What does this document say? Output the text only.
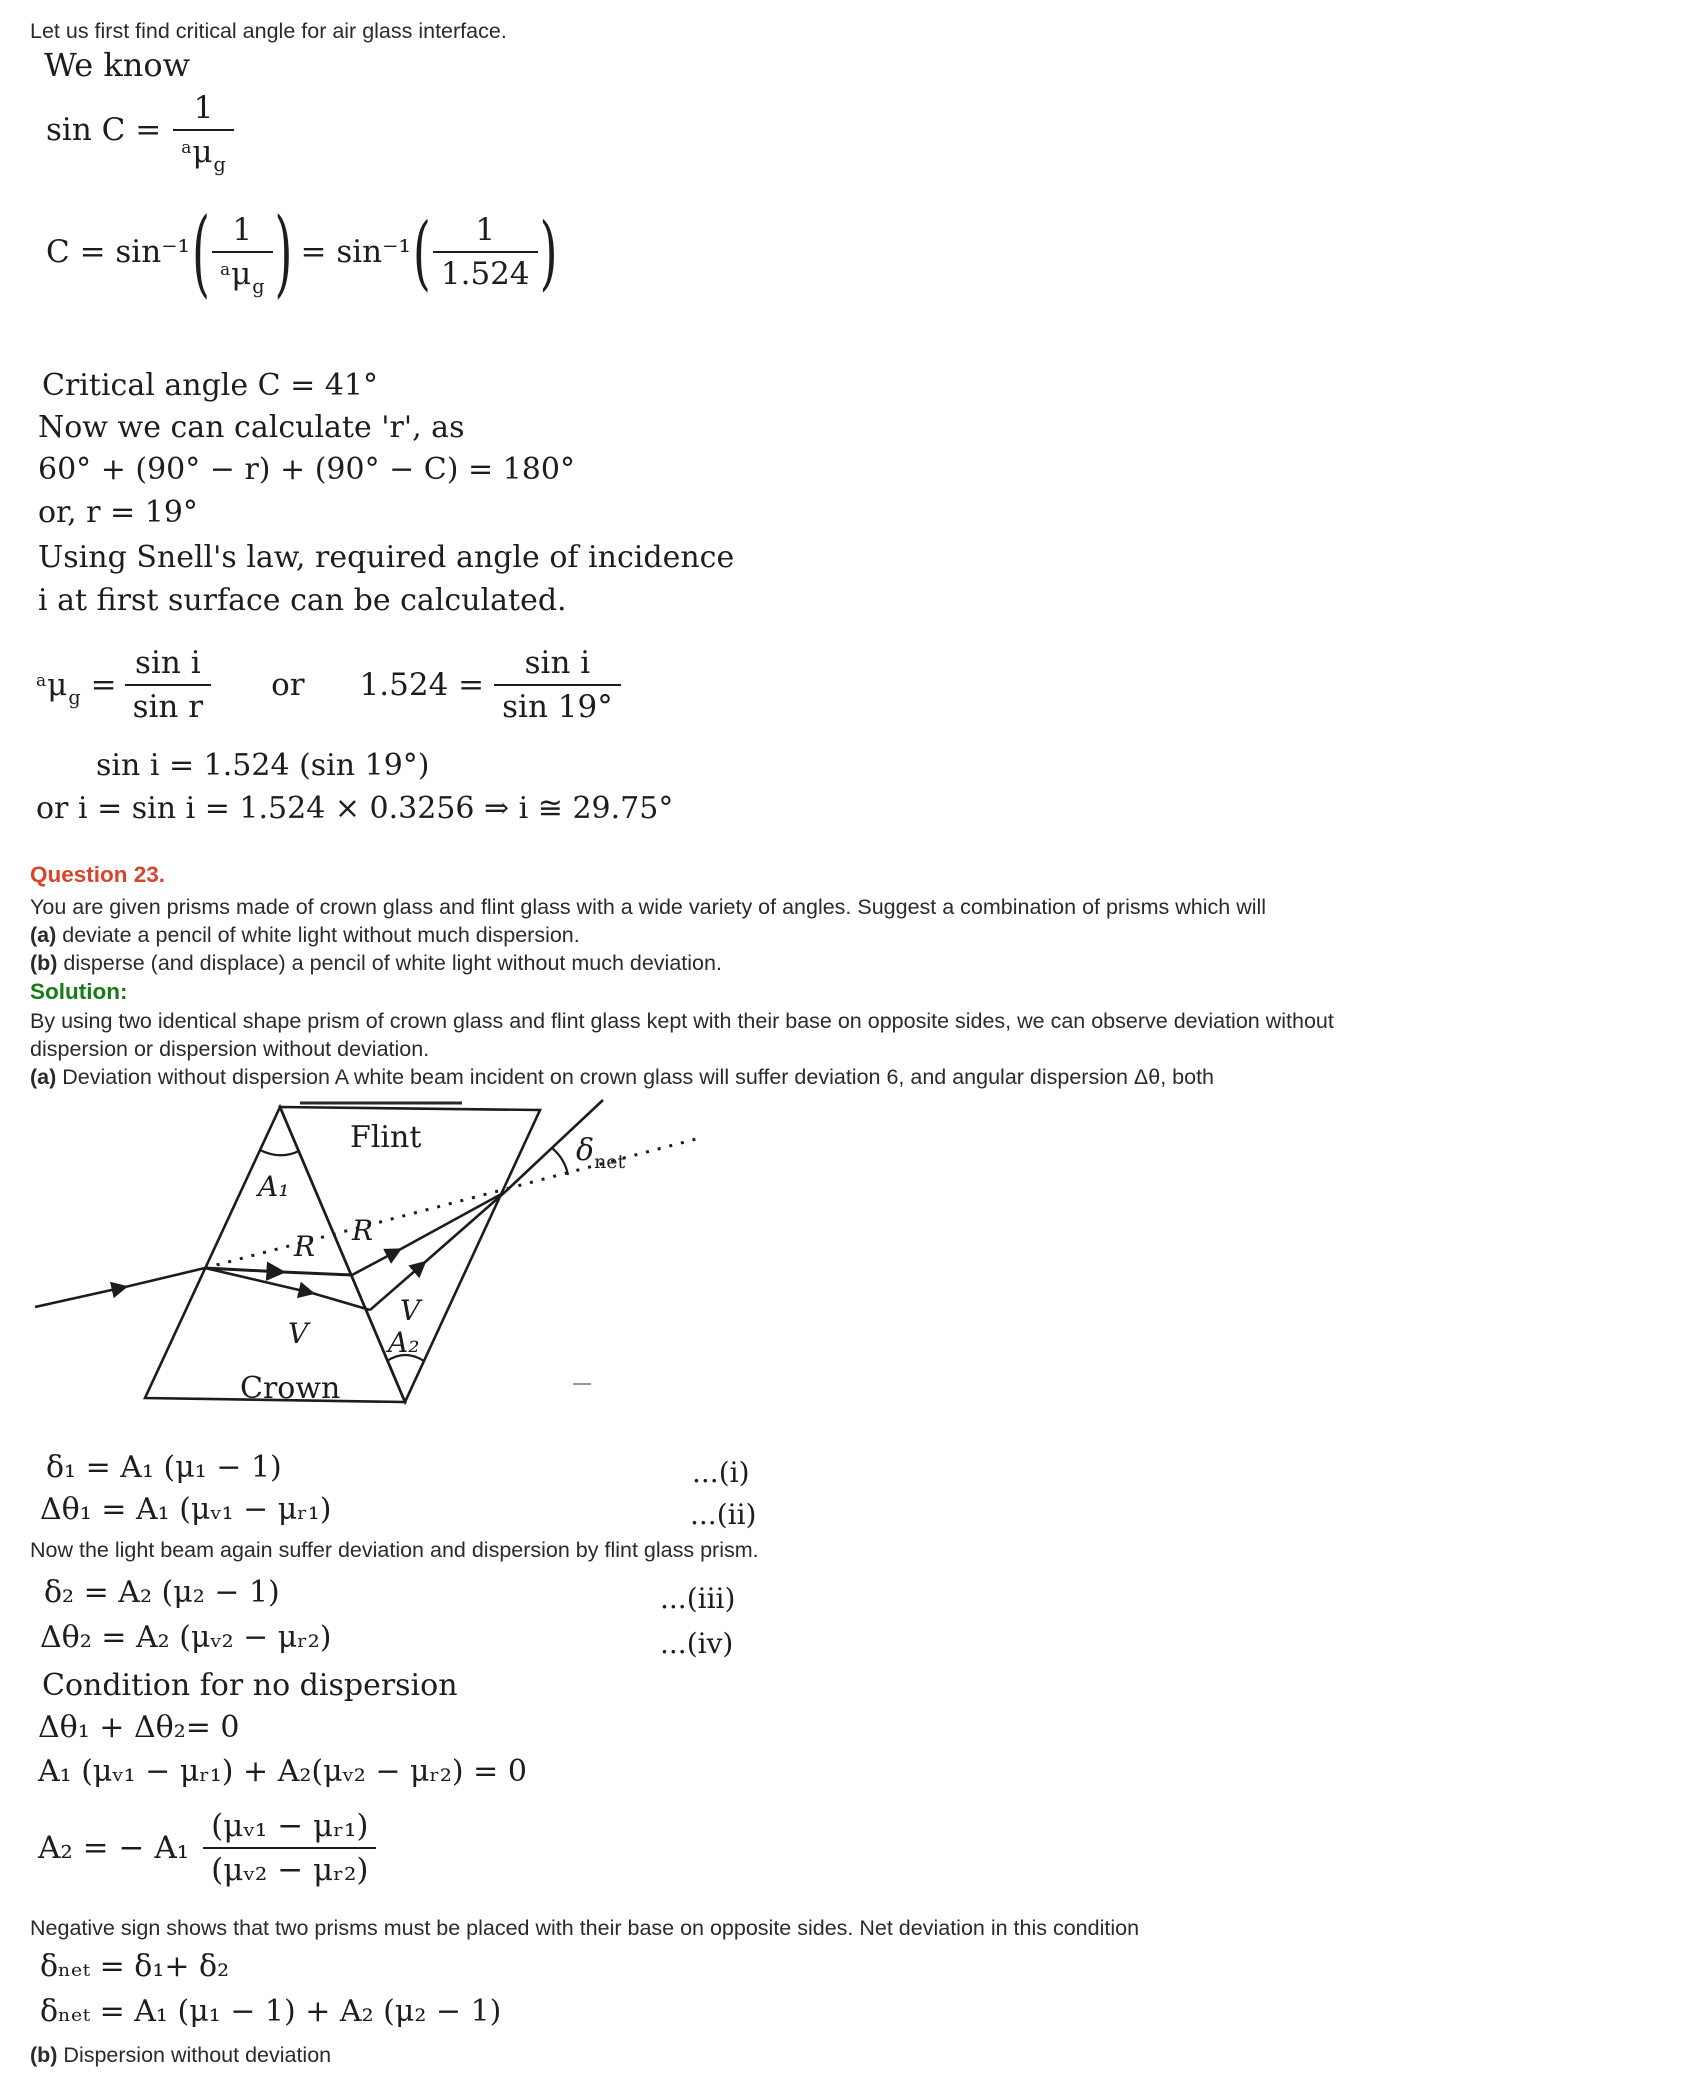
Let us first find critical angle for air glass interface.
We know
$\sin C = \frac{1}{^a\mu_g}$
C = sin⁻¹ ( $\frac{1}{^a\mu_g}$ ) = sin⁻¹ ( $\frac{1}{1.524}$ )
Critical angle C = 41°
Now we can calculate 'r', as
60° + (90° − r) + (90° − C) = 180°
or, r = 19°
Using Snell's law, required angle of incidence
i at first surface can be calculated.
$^a\mu_g = \frac{\text{sin i}}{\text{sin r}}$ or $1.524 = \frac{\text{sin i}}{\sin 19^\circ}$
sin i = 1.524 (sin 19°)
or i = sin i = 1.524 × 0.3256 ⇒ i ≅ 29.75°
Question 23.
You are given prisms made of crown glass and flint glass with a wide variety of angles. Suggest a combination of prisms which will
(a) deviate a pencil of white light without much dispersion.
(b) disperse (and displace) a pencil of white light without much deviation.
Solution:
By using two identical shape prism of crown glass and flint glass kept with their base on opposite sides, we can observe deviation without
dispersion or dispersion without deviation.
(a) Deviation without dispersion A white beam incident on crown glass will suffer deviation 6, and angular dispersion Δθ, both
Flint
Crown
A₁
A₂
R R
V
V
δnet
δ₁ = A₁ (μ₁ − 1)	...(i)
Δθ₁ = A₁ (μᵥ₁ − μᵣ₁)	...(ii)
Now the light beam again suffer deviation and dispersion by flint glass prism.
δ₂ = A₂ (μ₂ − 1)	...(iii)
Δθ₂ = A₂ (μᵥ₂ − μᵣ₂)	...(iv)
Condition for no dispersion
Δθ₁ + Δθ₂= 0
A₁ (μᵥ₁ − μᵣ₁) + A₂(μᵥ₂ − μᵣ₂) = 0
A₂ = − $A_1 \frac{\text{(μᵥ₁ − μᵣ₁)}}{\text{(μᵥ₂ − μᵣ₂)}}$
Negative sign shows that two prisms must be placed with their base on opposite sides. Net deviation in this condition
δₙₑₜ = δ₁+ δ₂
δₙₑₜ = A₁ (μ₁ − 1) + A₂ (μ₂ − 1)
(b) Dispersion without deviation
